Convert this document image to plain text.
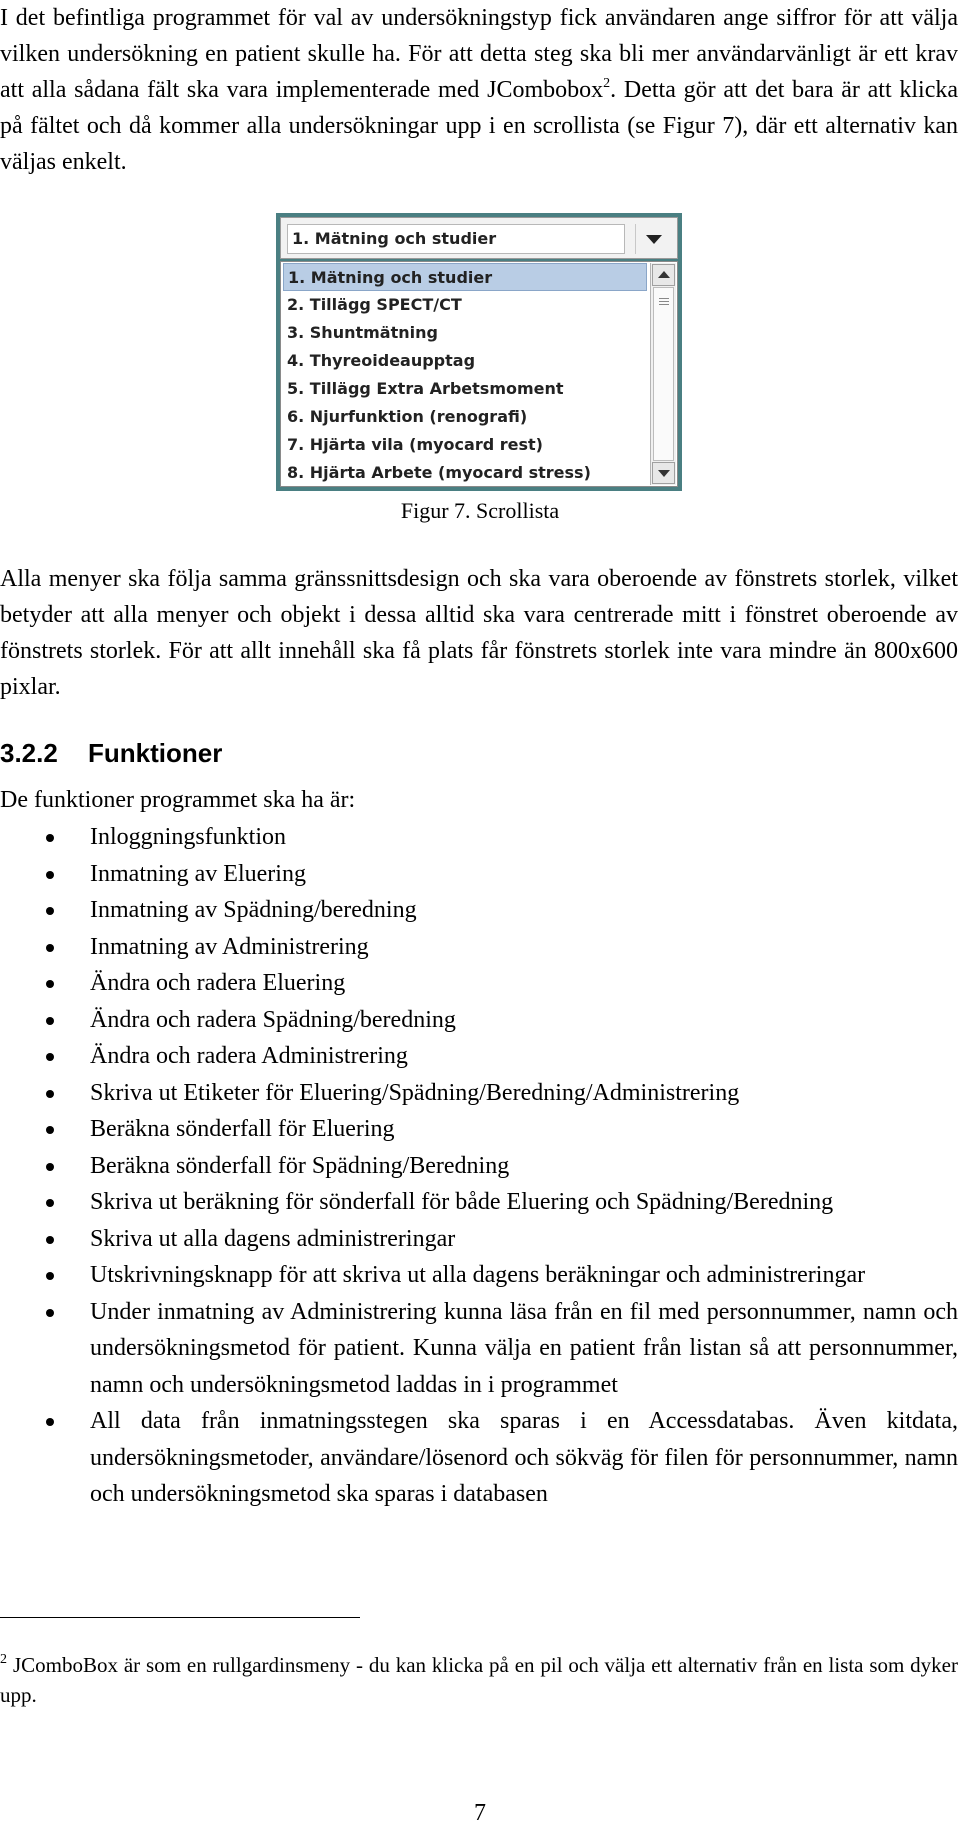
I det befintliga programmet för val av undersökningstyp fick användaren ange siffror för att välja vilken undersökning en patient skulle ha. För att detta steg ska bli mer användarvänligt är ett krav att alla sådana fält ska vara implementerade med JCombobox$^2$. Detta gör att det bara är att klicka på fältet och då kommer alla undersökningar upp i en scrollista (se Figur 7), där ett alternativ kan väljas enkelt.

1. Mätning och studier
1. Mätning och studier
2. Tillägg SPECT/CT
3. Shuntmätning
4. Thyreoideaupptag
5. Tillägg Extra Arbetsmoment
6. Njurfunktion (renografi)
7. Hjärta vila (myocard rest)
8. Hjärta Arbete (myocard stress)
Figur 7. Scrollista

Alla menyer ska följa samma gränssnittsdesign och ska vara oberoende av fönstrets storlek, vilket betyder att alla menyer och objekt i dessa alltid ska vara centrerade mitt i fönstret oberoende av fönstrets storlek. För att allt innehåll ska få plats får fönstrets storlek inte vara mindre än 800x600 pixlar.

3.2.2 Funktioner
De funktioner programmet ska ha är:
Inloggningsfunktion
Inmatning av Eluering
Inmatning av Spädning/beredning
Inmatning av Administrering
Ändra och radera Eluering
Ändra och radera Spädning/beredning
Ändra och radera Administrering
Skriva ut Etiketer för Eluering/Spädning/Beredning/Administrering
Beräkna sönderfall för Eluering
Beräkna sönderfall för Spädning/Beredning
Skriva ut beräkning för sönderfall för både Eluering och Spädning/Beredning
Skriva ut alla dagens administreringar
Utskrivningsknapp för att skriva ut alla dagens beräkningar och administreringar
Under inmatning av Administrering kunna läsa från en fil med personnummer, namn och undersökningsmetod för patient. Kunna välja en patient från listan så att personnummer, namn och undersökningsmetod laddas in i programmet
All data från inmatningsstegen ska sparas i en Accessdatabas. Även kitdata, undersökningsmetoder, användare/lösenord och sökväg för filen för personnummer, namn och undersökningsmetod ska sparas i databasen

$^2$ JComboBox är som en rullgardinsmeny - du kan klicka på en pil och välja ett alternativ från en lista som dyker upp.

7
